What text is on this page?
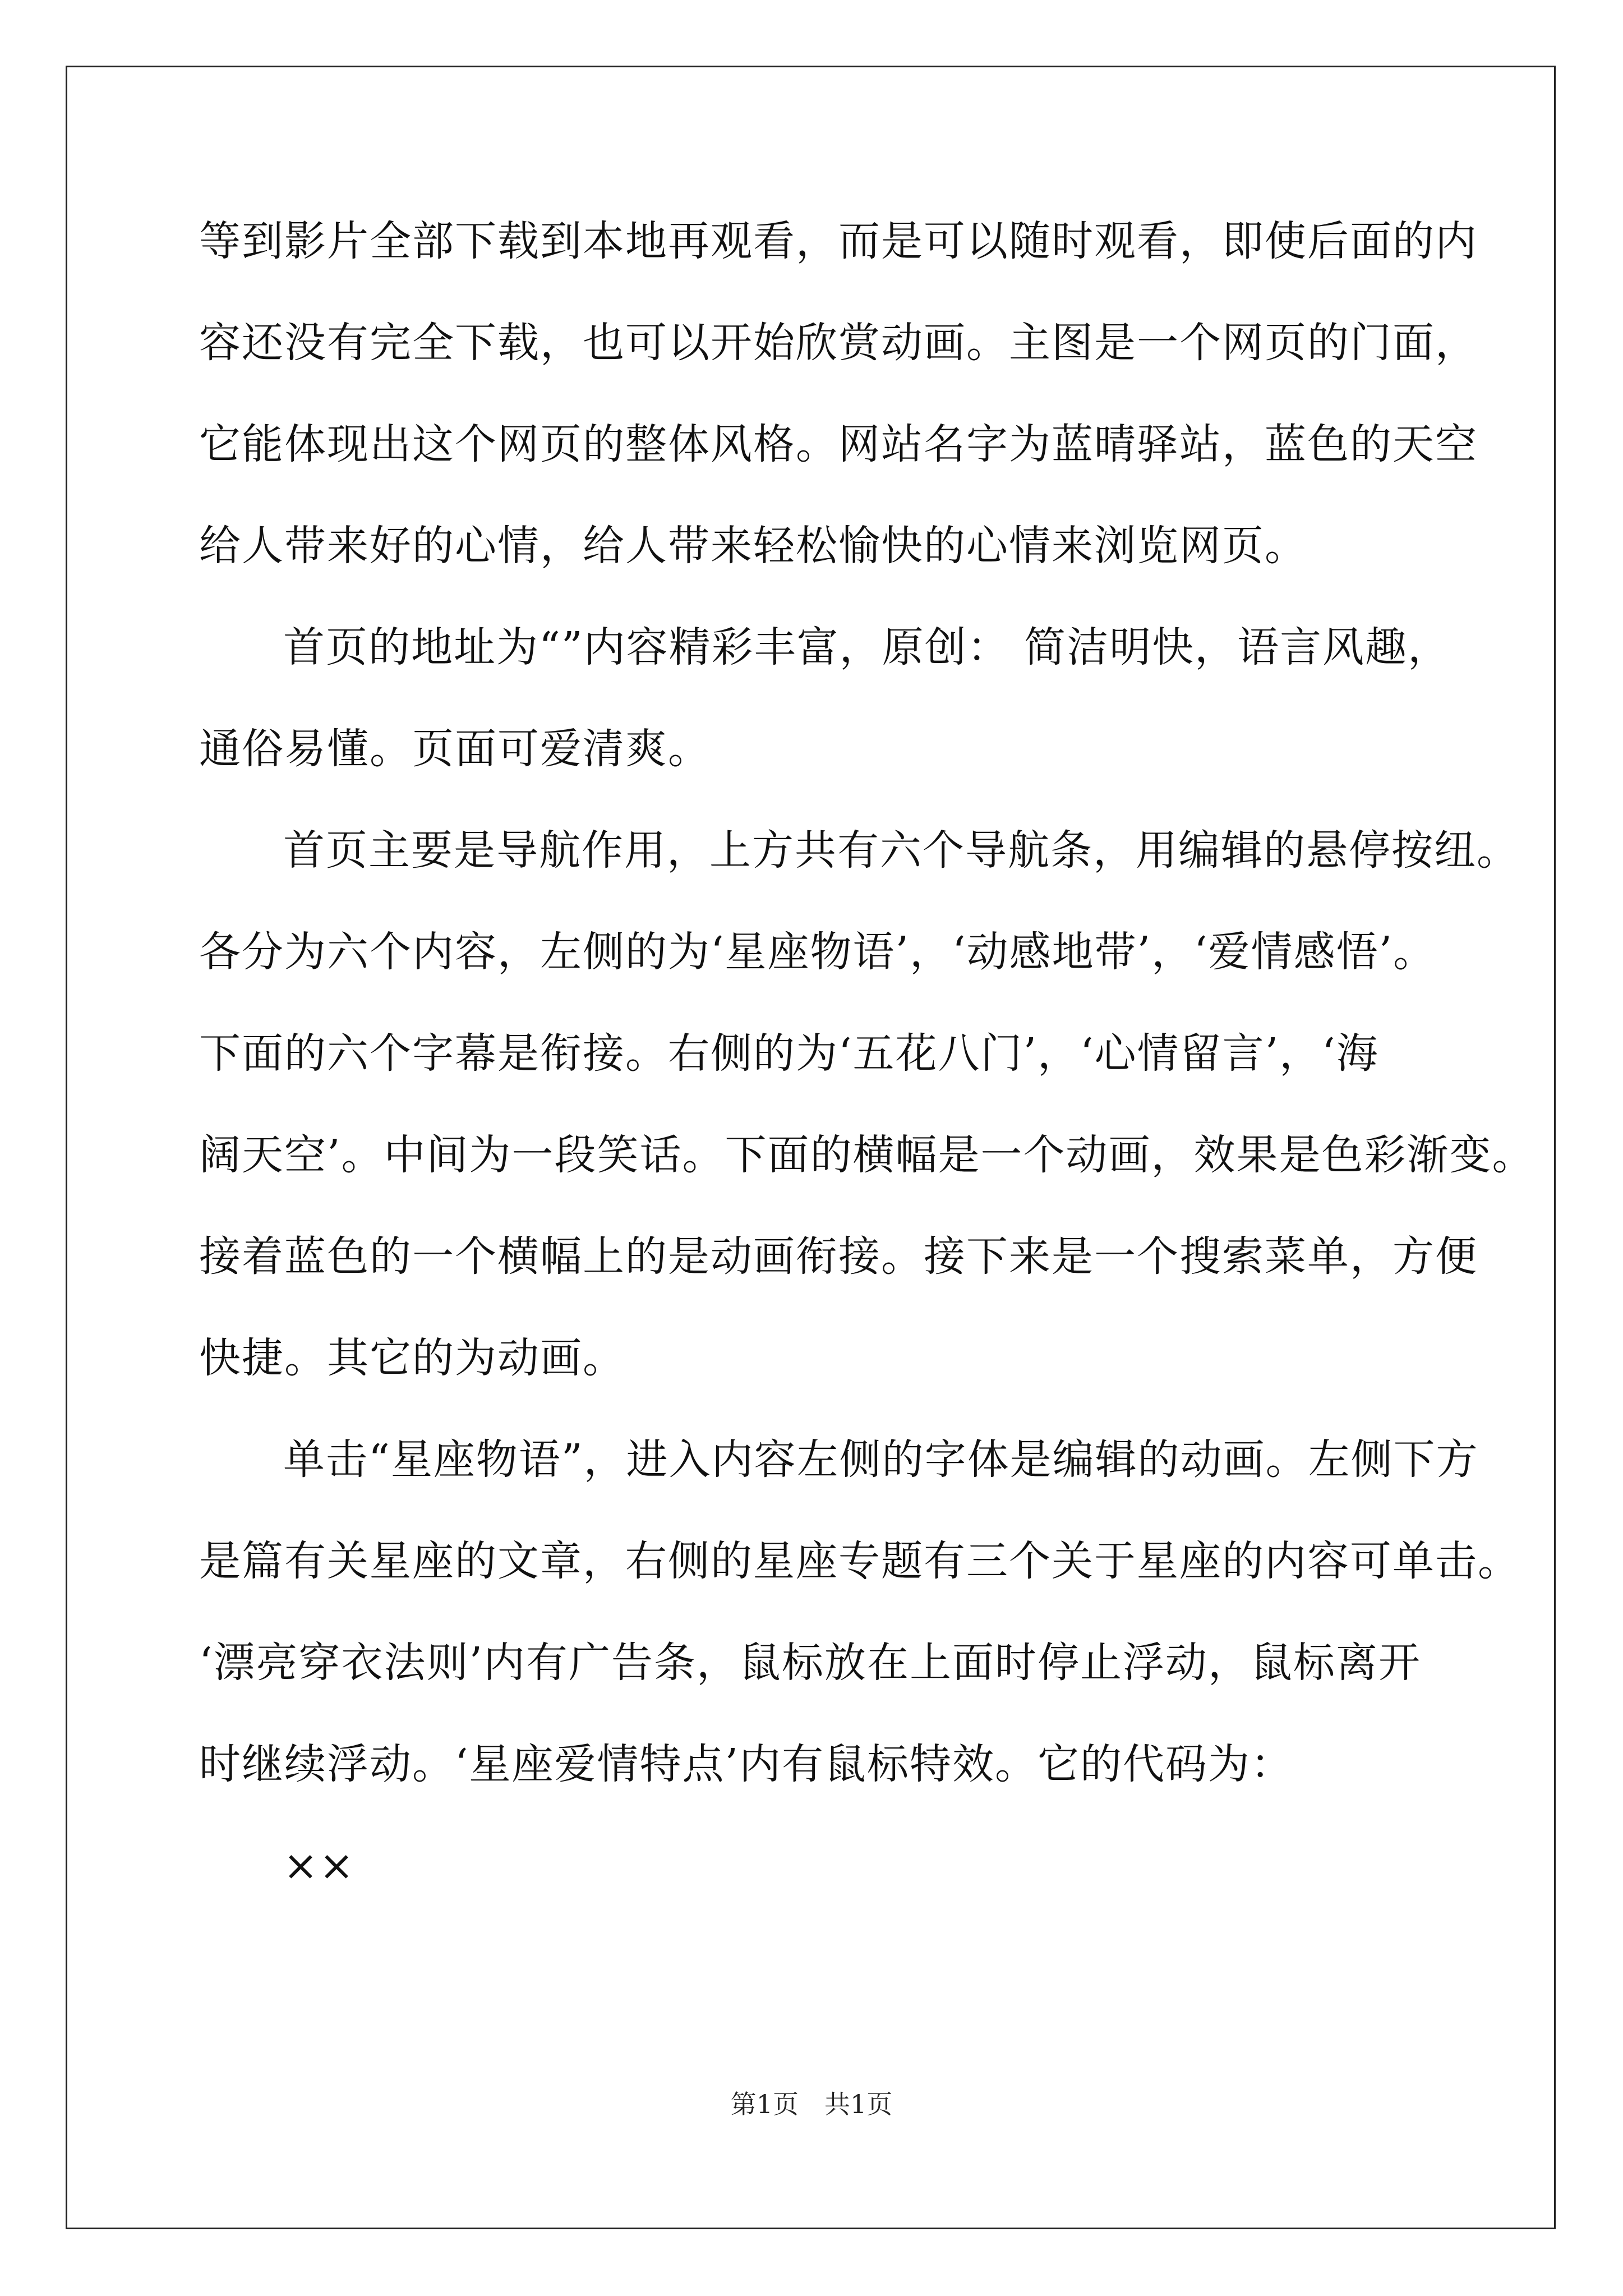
等到影片全部下载到本地再观看，而是可以随时观看，即使后面的内
容还没有完全下载，也可以开始欣赏动画。主图是一个网页的门面，
它能体现出这个网页的整体风格。网站名字为蓝晴驿站，蓝色的天空
给人带来好的心情，给人带来轻松愉快的心情来浏览网页。
首页的地址为“”内容精彩丰富，原创： 简洁明快，语言风趣，
通俗易懂。页面可爱清爽。
首页主要是导航作用，上方共有六个导航条，用编辑的悬停按纽。
各分为六个内容，左侧的为‘星座物语’，‘动感地带’，‘爱情感悟’。
下面的六个字幕是衔接。右侧的为‘五花八门’，‘心情留言’，‘海
阔天空’。中间为一段笑话。下面的横幅是一个动画，效果是色彩渐变。
接着蓝色的一个横幅上的是动画衔接。接下来是一个搜索菜单，方便
快捷。其它的为动画。
单击“星座物语”，进入内容左侧的字体是编辑的动画。左侧下方
是篇有关星座的文章，右侧的星座专题有三个关于星座的内容可单击。
‘漂亮穿衣法则’内有广告条，鼠标放在上面时停止浮动，鼠标离开
时继续浮动。‘星座爱情特点’内有鼠标特效。它的代码为：
××
第1页　共1页
